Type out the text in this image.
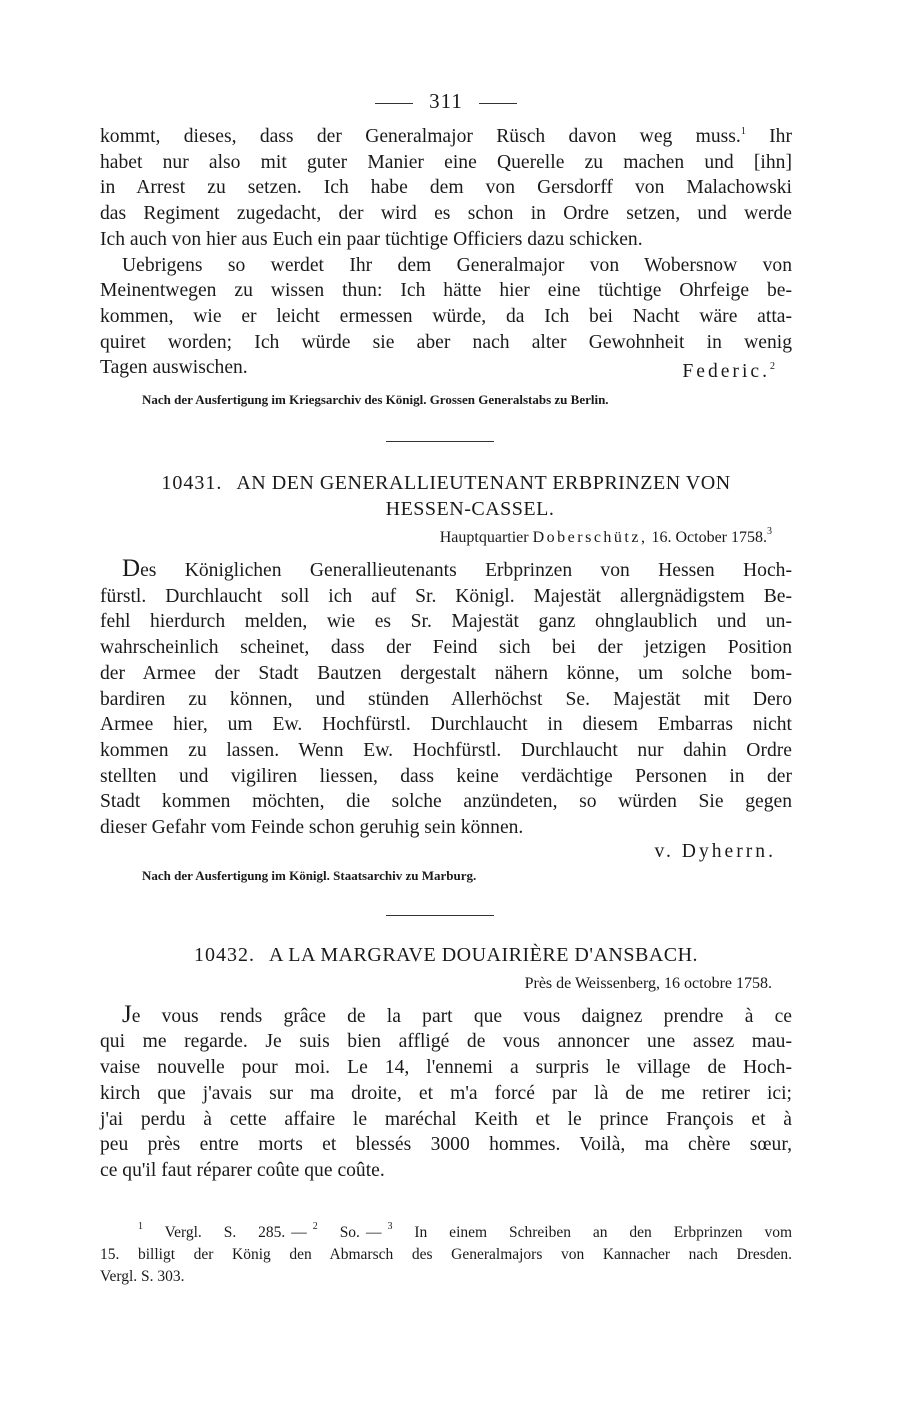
311
kommt, dieses, dass der Generalmajor Rüsch davon weg muss.$^1$ Ihr
habet nur also mit guter Manier eine Querelle zu machen und [ihn]
in Arrest zu setzen. Ich habe dem von Gersdorff von Malachowski
das Regiment zugedacht, der wird es schon in Ordre setzen, und werde
Ich auch von hier aus Euch ein paar tüchtige Officiers dazu schicken.
Uebrigens so werdet Ihr dem Generalmajor von Wobersnow von
Meinentwegen zu wissen thun: Ich hätte hier eine tüchtige Ohrfeige be-
kommen, wie er leicht ermessen würde, da Ich bei Nacht wäre atta-
quiret worden; Ich würde sie aber nach alter Gewohnheit in wenig
Tagen auswischen.	Federic.$^2$
Nach der Ausfertigung im Kriegsarchiv des Königl. Grossen Generalstabs zu Berlin.
10431. AN DEN GENERALLIEUTENANT ERBPRINZEN VON
HESSEN-CASSEL.
Hauptquartier Doberschütz, 16. October 1758.$^3$
Des Königlichen Generallieutenants Erbprinzen von Hessen Hoch-
fürstl. Durchlaucht soll ich auf Sr. Königl. Majestät allergnädigstem Be-
fehl hierdurch melden, wie es Sr. Majestät ganz ohnglaublich und un-
wahrscheinlich scheinet, dass der Feind sich bei der jetzigen Position
der Armee der Stadt Bautzen dergestalt nähern könne, um solche bom-
bardiren zu können, und stünden Allerhöchst Se. Majestät mit Dero
Armee hier, um Ew. Hochfürstl. Durchlaucht in diesem Embarras nicht
kommen zu lassen. Wenn Ew. Hochfürstl. Durchlaucht nur dahin Ordre
stellten und vigiliren liessen, dass keine verdächtige Personen in der
Stadt kommen möchten, die solche anzündeten, so würden Sie gegen
dieser Gefahr vom Feinde schon geruhig sein können.
v. Dyherrn.
Nach der Ausfertigung im Königl. Staatsarchiv zu Marburg.
10432. A LA MARGRAVE DOUAIRIÈRE D'ANSBACH.
Près de Weissenberg, 16 octobre 1758.
Je vous rends grâce de la part que vous daignez prendre à ce
qui me regarde. Je suis bien affligé de vous annoncer une assez mau-
vaise nouvelle pour moi. Le 14, l'ennemi a surpris le village de Hoch-
kirch que j'avais sur ma droite, et m'a forcé par là de me retirer ici;
j'ai perdu à cette affaire le maréchal Keith et le prince François et à
peu près entre morts et blessés 3000 hommes. Voilà, ma chère sœur,
ce qu'il faut réparer coûte que coûte.
$^1$ Vergl. S. 285. — $^2$ So. — $^3$ In einem Schreiben an den Erbprinzen vom
15. billigt der König den Abmarsch des Generalmajors von Kannacher nach Dresden.
Vergl. S. 303.
